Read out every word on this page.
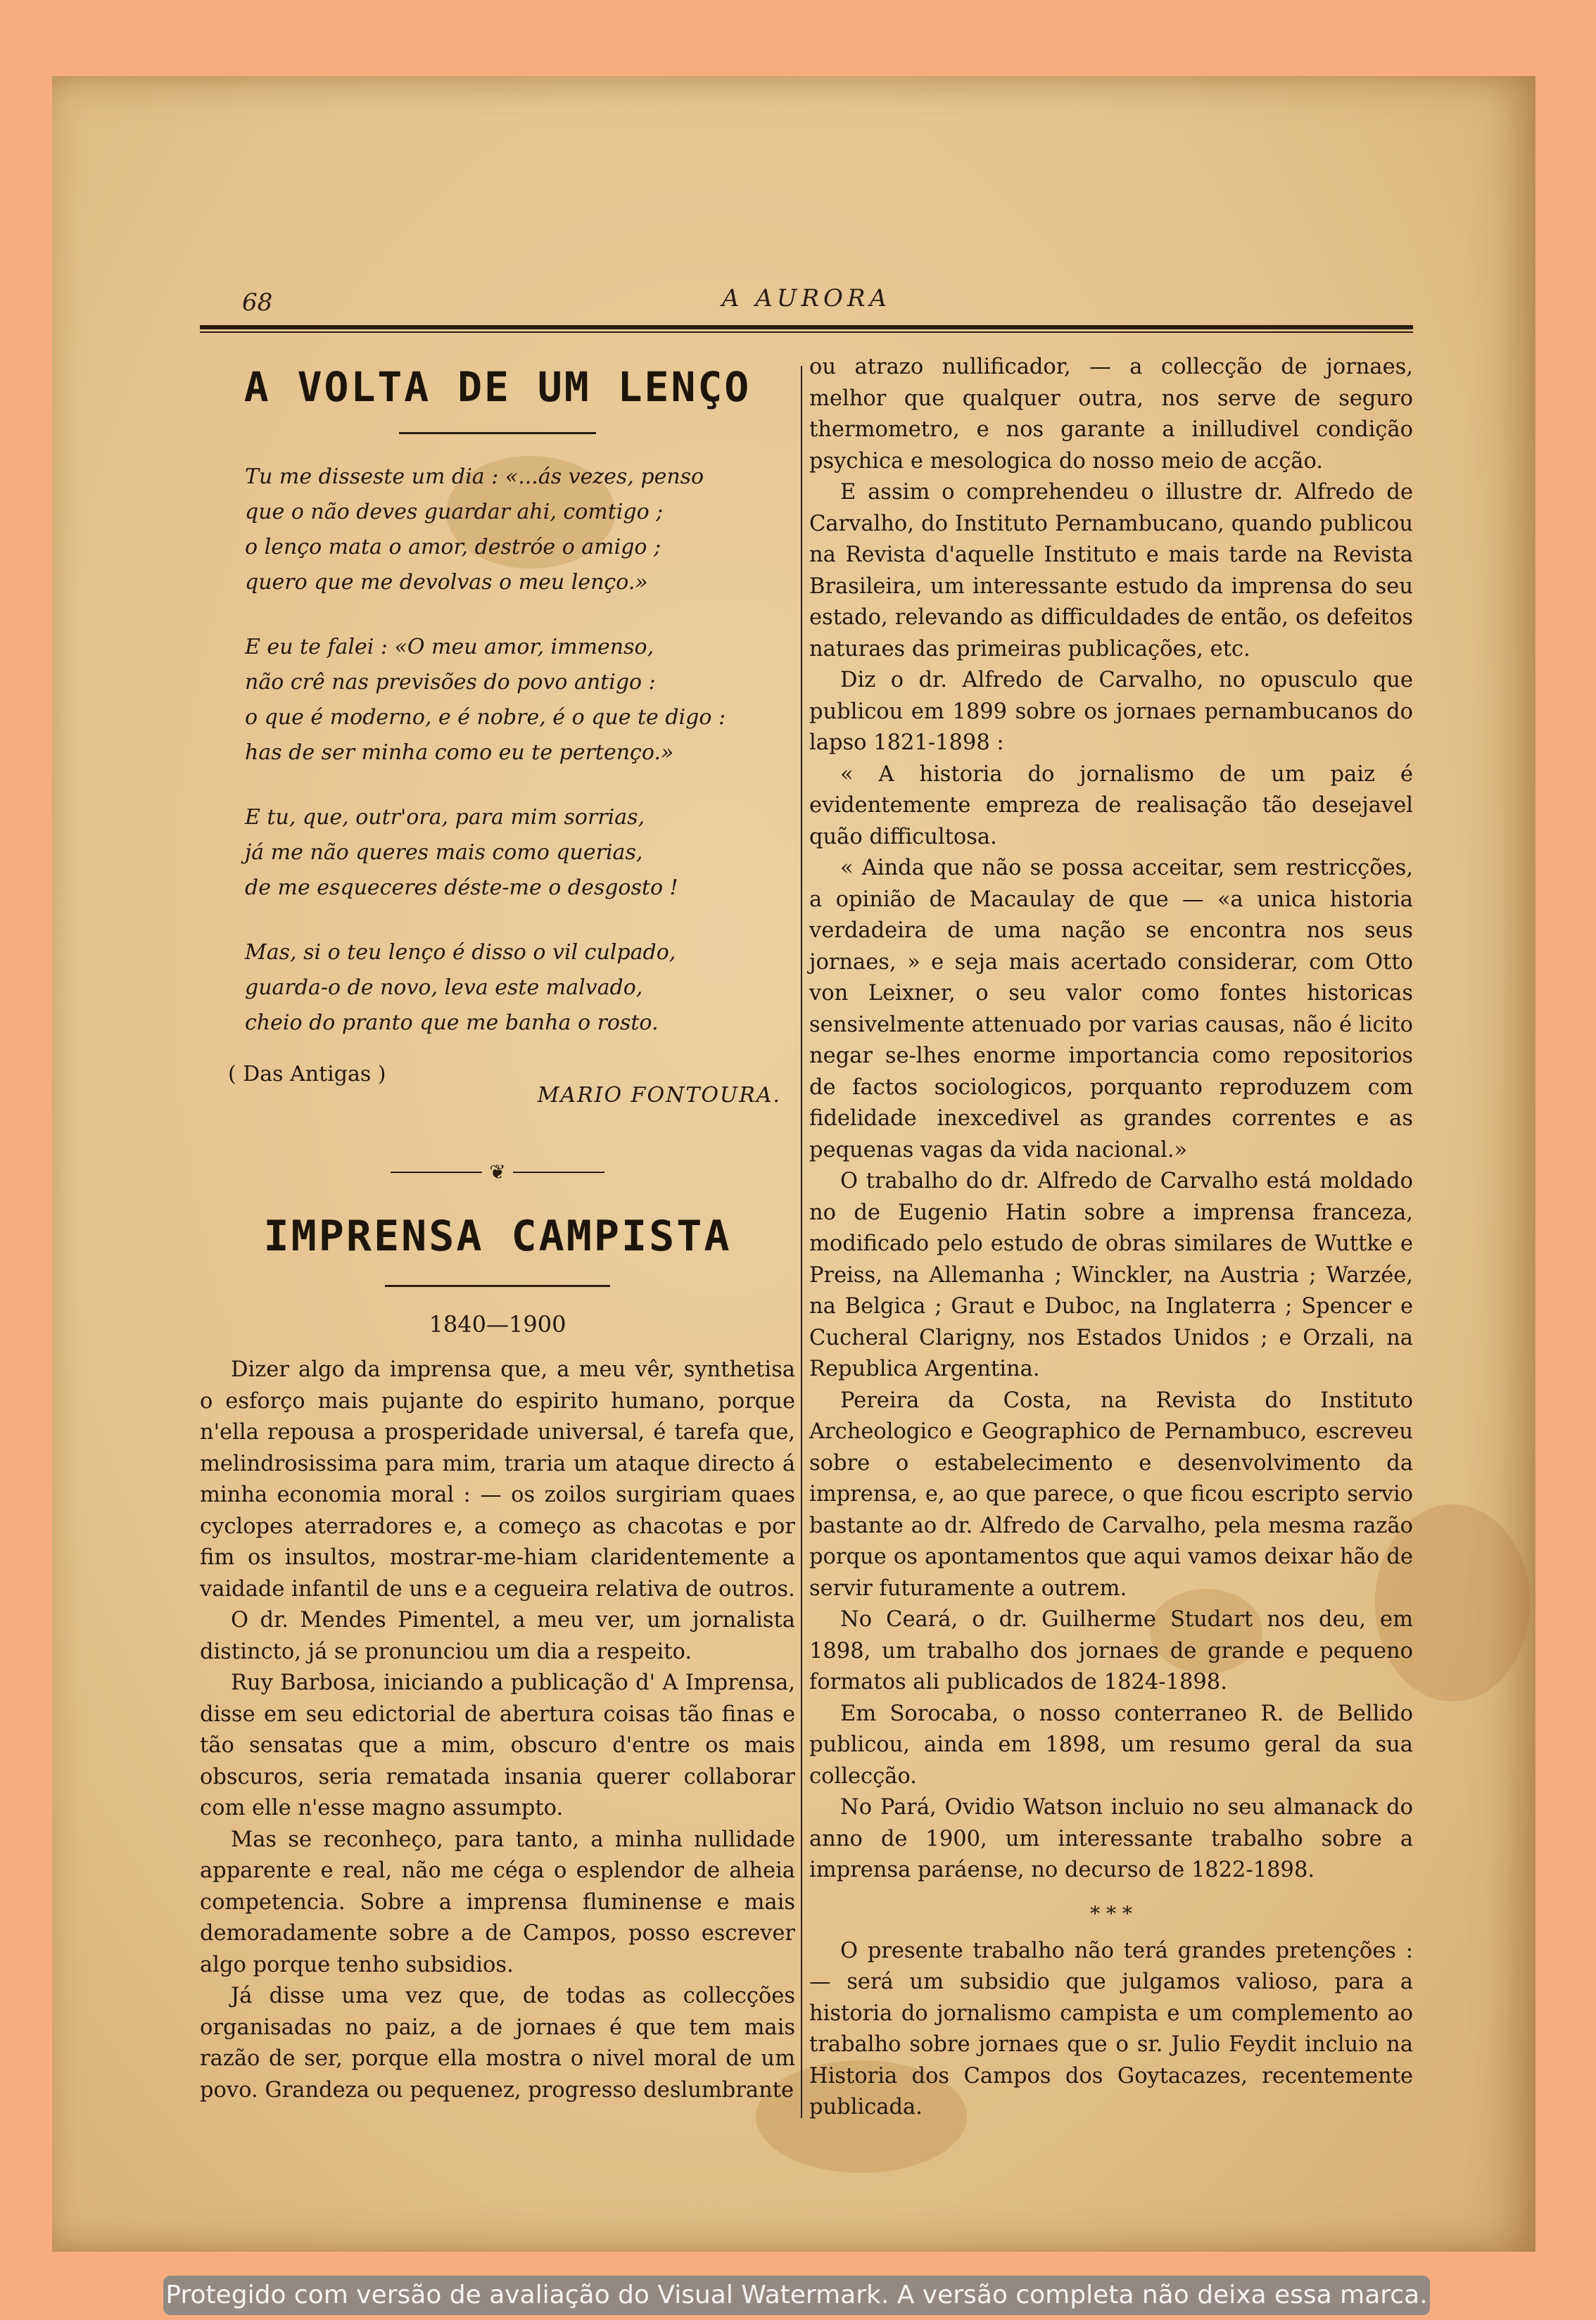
68	A AURORA
A VOLTA DE UM LENÇO
Tu me disseste um dia : «...ás vezes, penso
que o não deves guardar ahi, comtigo ;
o lenço mata o amor, destróe o amigo ;
quero que me devolvas o meu lenço.»
E eu te falei : «O meu amor, immenso,
não crê nas previsões do povo antigo :
o que é moderno, e é nobre, é o que te digo :
has de ser minha como eu te pertenço.»
E tu, que, outr'ora, para mim sorrias,
já me não queres mais como querias,
de me esqueceres déste-me o desgosto !
Mas, si o teu lenço é disso o vil culpado,
guarda-o de novo, leva este malvado,
cheio do pranto que me banha o rosto.
( Das Antigas )
MARIO FONTOURA.
❦
IMPRENSA CAMPISTA
1840—1900

Dizer algo da imprensa que, a meu vêr, synthetisa o esforço mais pujante do espirito humano, porque n'ella repousa a prosperidade universal, é tarefa que, melindrosissima para mim, traria um ataque directo á minha economia moral : — os zoilos surgiriam quaes cyclopes aterradores e, a começo as chacotas e por fim os insultos, mostrar-me-hiam claridentemente a vaidade infantil de uns e a cegueira relativa de outros.

O dr. Mendes Pimentel, a meu ver, um jornalista distincto, já se pronunciou um dia a respeito.

Ruy Barbosa, iniciando a publicação d' A Imprensa, disse em seu edictorial de abertura coisas tão finas e tão sensatas que a mim, obscuro d'entre os mais obscuros, seria rematada insania querer collaborar com elle n'esse magno assumpto.

Mas se reconheço, para tanto, a minha nullidade apparente e real, não me céga o esplendor de alheia competencia. Sobre a imprensa fluminense e mais demoradamente sobre a de Campos, posso escrever algo porque tenho subsidios.

Já disse uma vez que, de todas as collecções organisadas no paiz, a de jornaes é que tem mais razão de ser, porque ella mostra o nivel moral de um povo. Grandeza ou pequenez, progresso deslumbrante

ou atrazo nullificador, — a collecção de jornaes, melhor que qualquer outra, nos serve de seguro thermometro, e nos garante a inilludivel condição psychica e mesologica do nosso meio de acção.

E assim o comprehendeu o illustre dr. Alfredo de Carvalho, do Instituto Pernambucano, quando publicou na Revista d'aquelle Instituto e mais tarde na Revista Brasileira, um interessante estudo da imprensa do seu estado, relevando as difficuldades de então, os defeitos naturaes das primeiras publicações, etc.

Diz o dr. Alfredo de Carvalho, no opusculo que publicou em 1899 sobre os jornaes pernambucanos do lapso 1821-1898 :

« A historia do jornalismo de um paiz é evidentemente empreza de realisação tão desejavel quão difficultosa.

« Ainda que não se possa acceitar, sem restricções, a opinião de Macaulay de que — «a unica historia verdadeira de uma nação se encontra nos seus jornaes, » e seja mais acertado considerar, com Otto von Leixner, o seu valor como fontes historicas sensivelmente attenuado por varias causas, não é licito negar se-lhes enorme importancia como repositorios de factos sociologicos, porquanto reproduzem com fidelidade inexcedivel as grandes correntes e as pequenas vagas da vida nacional.»

O trabalho do dr. Alfredo de Carvalho está moldado no de Eugenio Hatin sobre a imprensa franceza, modificado pelo estudo de obras similares de Wuttke e Preiss, na Allemanha ; Winckler, na Austria ; Warzée, na Belgica ; Graut e Duboc, na Inglaterra ; Spencer e Cucheral Clarigny, nos Estados Unidos ; e Orzali, na Republica Argentina.

Pereira da Costa, na Revista do Instituto Archeologico e Geographico de Pernambuco, escreveu sobre o estabelecimento e desenvolvimento da imprensa, e, ao que parece, o que ficou escripto servio bastante ao dr. Alfredo de Carvalho, pela mesma razão porque os apontamentos que aqui vamos deixar hão de servir futuramente a outrem.

No Ceará, o dr. Guilherme Studart nos deu, em 1898, um trabalho dos jornaes de grande e pequeno formatos ali publicados de 1824-1898.

Em Sorocaba, o nosso conterraneo R. de Bellido publicou, ainda em 1898, um resumo geral da sua collecção.

No Pará, Ovidio Watson incluio no seu almanack do anno de 1900, um interessante trabalho sobre a imprensa paráense, no decurso de 1822-1898.

* * *

O presente trabalho não terá grandes pretenções : — será um subsidio que julgamos valioso, para a historia do jornalismo campista e um complemento ao trabalho sobre jornaes que o sr. Julio Feydit incluio na Historia dos Campos dos Goytacazes, recentemente publicada.

Protegido com versão de avaliação do Visual Watermark. A versão completa não deixa essa marca.
